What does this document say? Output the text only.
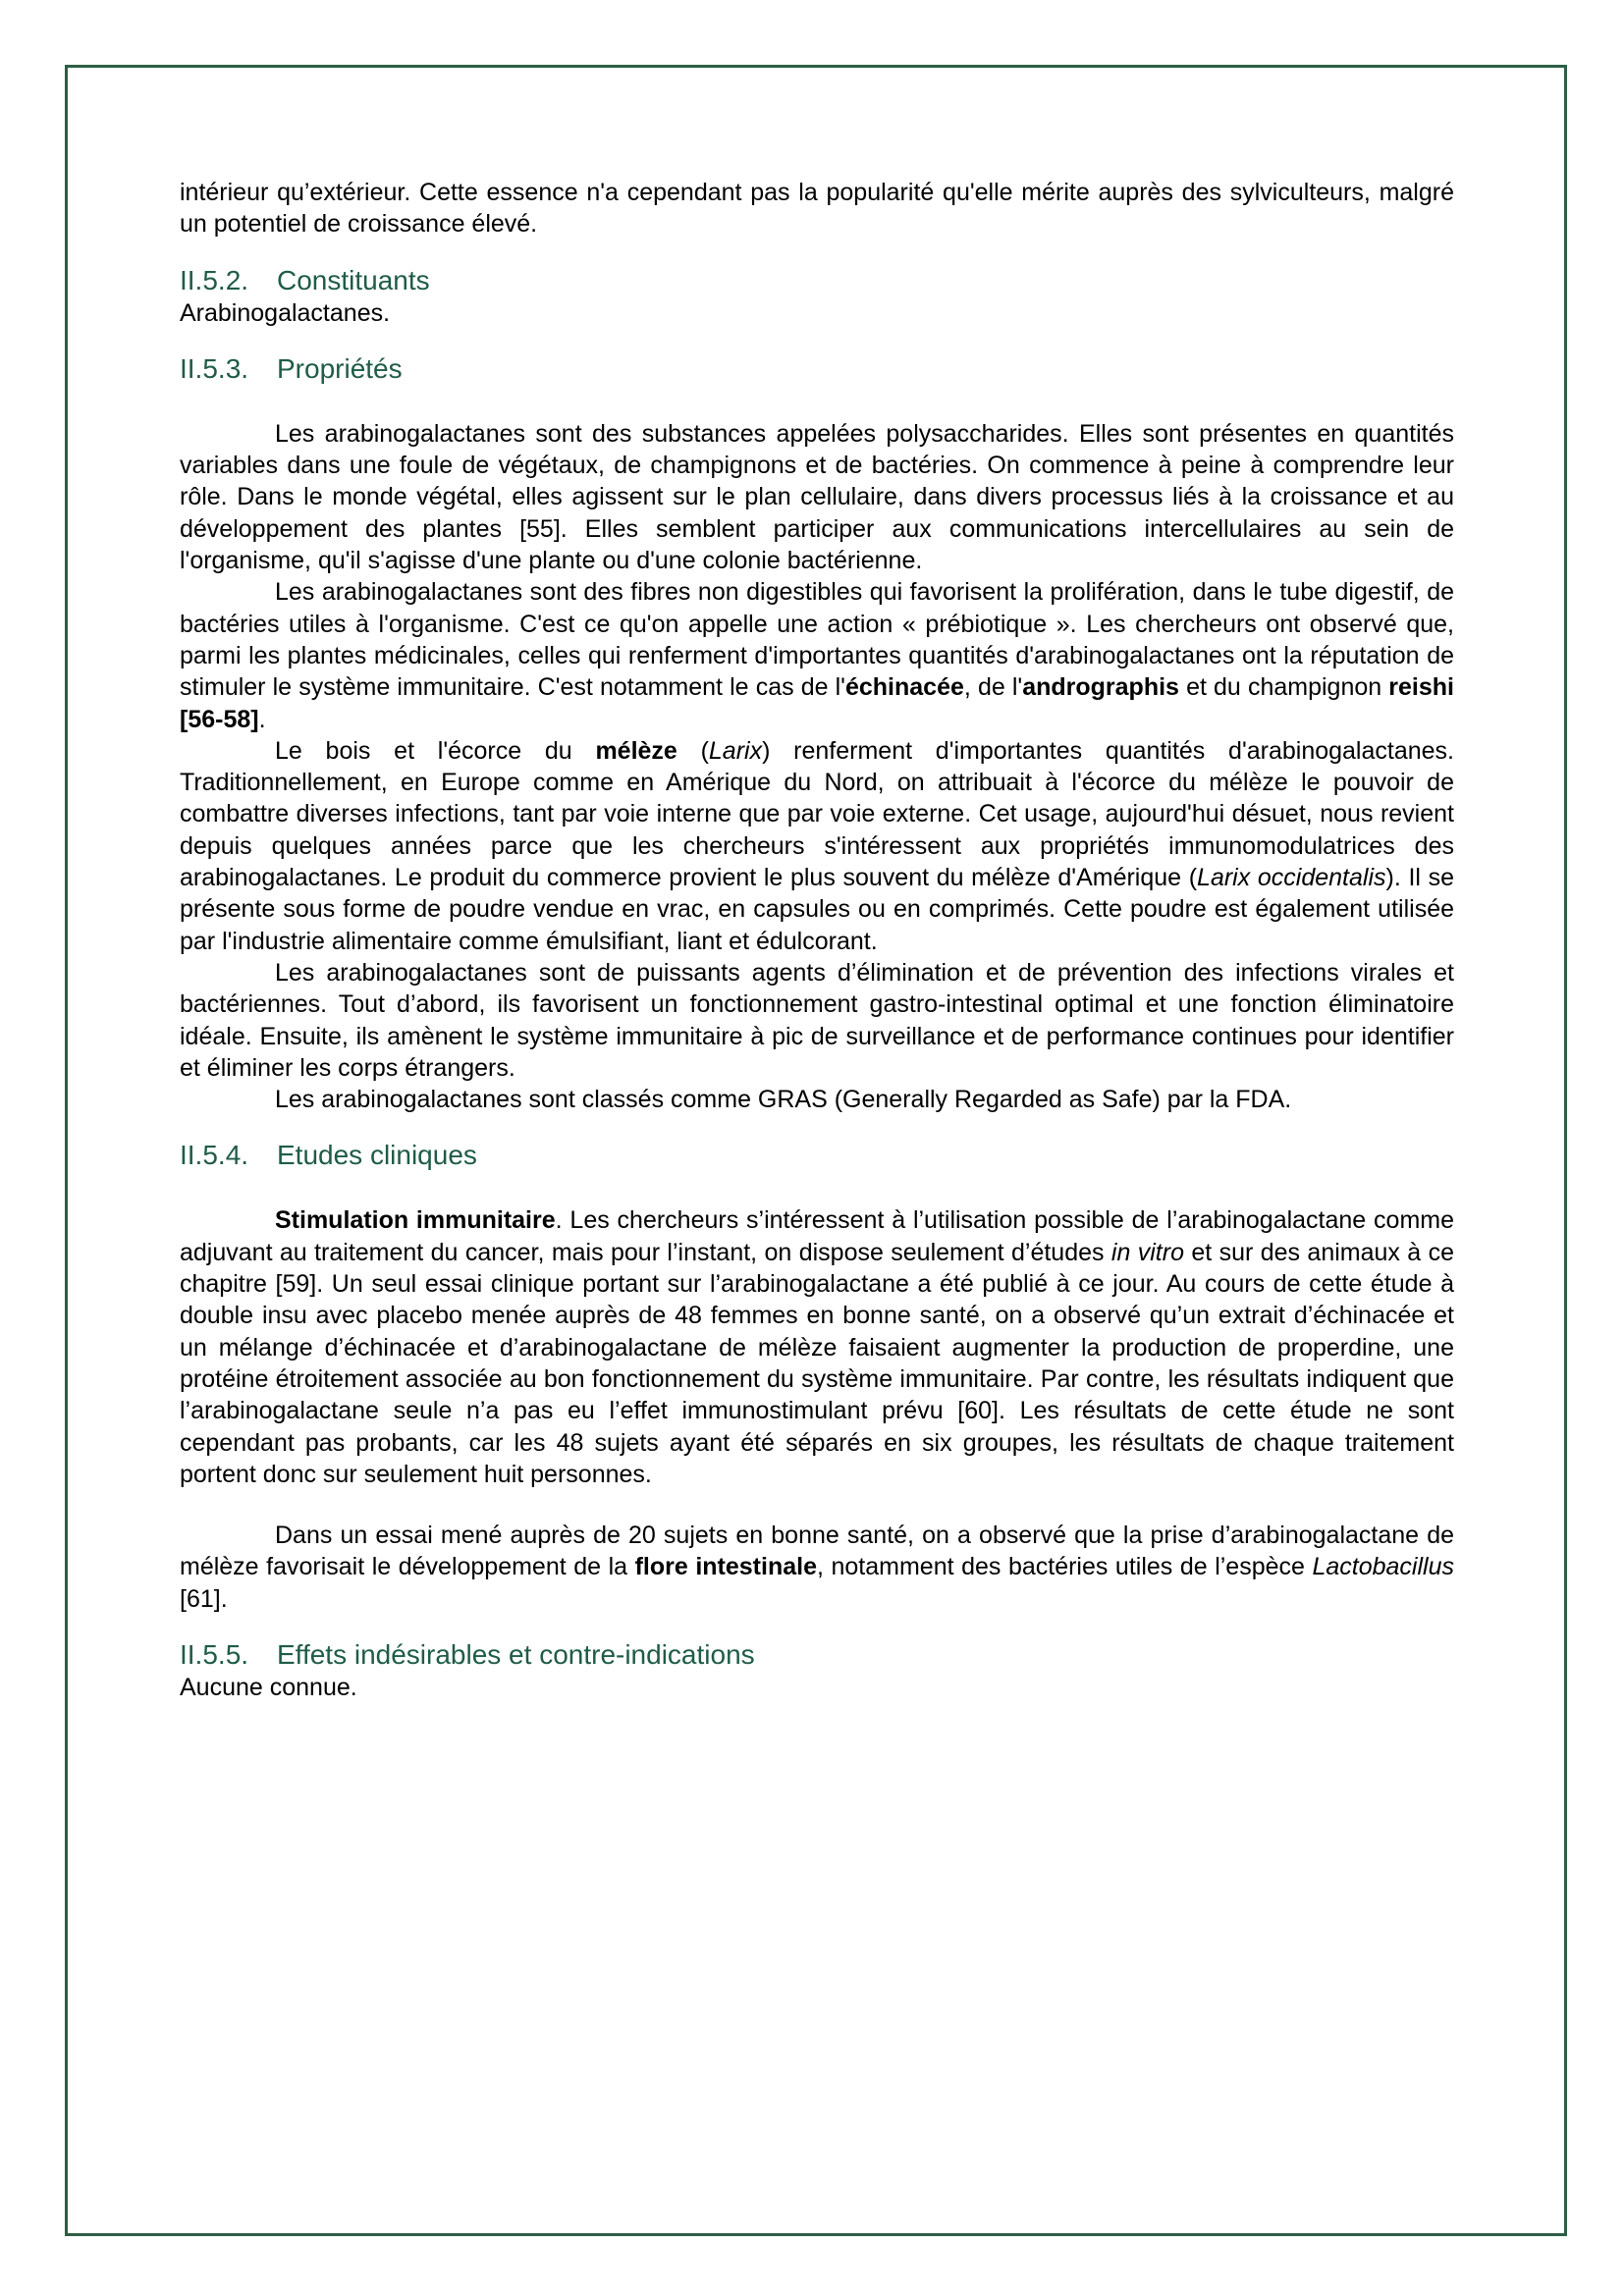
intérieur qu’extérieur. Cette essence n'a cependant pas la popularité qu'elle mérite auprès des sylviculteurs, malgré un potentiel de croissance élevé.

II.5.2. Constituants

Arabinogalactanes.

II.5.3. Propriétés

Les arabinogalactanes sont des substances appelées polysaccharides. Elles sont présentes en quantités variables dans une foule de végétaux, de champignons et de bactéries. On commence à peine à comprendre leur rôle. Dans le monde végétal, elles agissent sur le plan cellulaire, dans divers processus liés à la croissance et au développement des plantes [55]. Elles semblent participer aux communications intercellulaires au sein de l'organisme, qu'il s'agisse d'une plante ou d'une colonie bactérienne.

Les arabinogalactanes sont des fibres non digestibles qui favorisent la prolifération, dans le tube digestif, de bactéries utiles à l'organisme. C'est ce qu'on appelle une action « prébiotique ». Les chercheurs ont observé que, parmi les plantes médicinales, celles qui renferment d'importantes quantités d'arabinogalactanes ont la réputation de stimuler le système immunitaire. C'est notamment le cas de l'échinacée, de l'andrographis et du champignon reishi [56-58].

Le bois et l'écorce du mélèze (Larix) renferment d'importantes quantités d'arabinogalactanes. Traditionnellement, en Europe comme en Amérique du Nord, on attribuait à l'écorce du mélèze le pouvoir de combattre diverses infections, tant par voie interne que par voie externe. Cet usage, aujourd'hui désuet, nous revient depuis quelques années parce que les chercheurs s'intéressent aux propriétés immunomodulatrices des arabinogalactanes. Le produit du commerce provient le plus souvent du mélèze d'Amérique (Larix occidentalis). Il se présente sous forme de poudre vendue en vrac, en capsules ou en comprimés. Cette poudre est également utilisée par l'industrie alimentaire comme émulsifiant, liant et édulcorant.

Les arabinogalactanes sont de puissants agents d’élimination et de prévention des infections virales et bactériennes. Tout d’abord, ils favorisent un fonctionnement gastro-intestinal optimal et une fonction éliminatoire idéale. Ensuite, ils amènent le système immunitaire à pic de surveillance et de performance continues pour identifier et éliminer les corps étrangers.

Les arabinogalactanes sont classés comme GRAS (Generally Regarded as Safe) par la FDA.

II.5.4. Etudes cliniques

Stimulation immunitaire. Les chercheurs s’intéressent à l’utilisation possible de l’arabinogalactane comme adjuvant au traitement du cancer, mais pour l’instant, on dispose seulement d’études in vitro et sur des animaux à ce chapitre [59]. Un seul essai clinique portant sur l’arabinogalactane a été publié à ce jour. Au cours de cette étude à double insu avec placebo menée auprès de 48 femmes en bonne santé, on a observé qu’un extrait d’échinacée et un mélange d’échinacée et d’arabinogalactane de mélèze faisaient augmenter la production de properdine, une protéine étroitement associée au bon fonctionnement du système immunitaire. Par contre, les résultats indiquent que l’arabinogalactane seule n’a pas eu l’effet immunostimulant prévu [60]. Les résultats de cette étude ne sont cependant pas probants, car les 48 sujets ayant été séparés en six groupes, les résultats de chaque traitement portent donc sur seulement huit personnes.

Dans un essai mené auprès de 20 sujets en bonne santé, on a observé que la prise d’arabinogalactane de mélèze favorisait le développement de la flore intestinale, notamment des bactéries utiles de l’espèce Lactobacillus [61].

II.5.5. Effets indésirables et contre-indications

Aucune connue.
